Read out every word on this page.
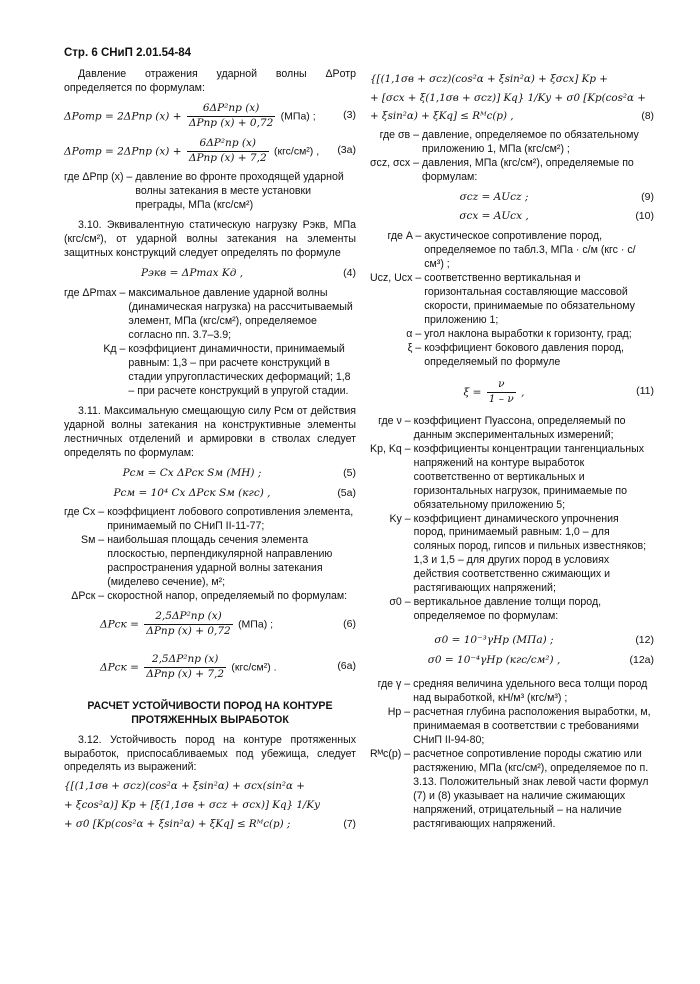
Стр. 6 СНиП 2.01.54-84

Давление отражения ударной волны ΔPотр определяется по формулам:

ΔPотр = 2ΔPпр $(x) + \frac{\text{6ΔP²пр (x)}}{\text{ΔPпр (x) + 0,72}} (МПа)$ ;	(3)
ΔPотр = 2ΔPпр $(x) + \frac{\text{6ΔP²пр (x)}}{\text{ΔPпр (x) + 7,2}} (кгс/см^2)$ ,	(3а)
где ΔPпр (x) – давление во фронте проходящей ударной волны затекания в месте установки преграды, МПа (кгс/см²)

3.10. Эквивалентную статическую нагрузку Pэкв, МПа (кгс/см²), от ударной волны затекания на элементы защитных конструкций следует определять по формуле

Pэкв = ΔPmax Kд ,	(4)
где ΔPmax – максимальное давление ударной волны (динамическая нагрузка) на рассчитываемый элемент, МПа (кгс/см²), определяемое согласно пп. 3.7–3.9;
Kд – коэффициент динамичности, принимаемый равным: 1,3 – при расчете конструкций в стадии упругопластических деформаций; 1,8 – при расчете конструкций в упругой стадии.

3.11. Максимальную смещающую силу Pсм от действия ударной волны затекания на конструктивные элементы лестничных отделений и армировки в стволах следует определять по формулам:

Pсм = Cx ΔPск Sм (МН) ;	(5)
Pсм = 10⁴ Cx ΔPск Sм (кгс) ,	(5а)
где Cx – коэффициент лобового сопротивления элемента, принимаемый по СНиП II-11-77;
Sм – наибольшая площадь сечения элемента плоскостью, перпендикулярной направлению распространения ударной волны затекания (миделево сечение), м²;
ΔPск – скоростной напор, определяемый по формулам:
$\Delta Pск = \frac{\text{2,5ΔP²пр (x)}}{\text{ΔPпр (x) + 0,72}} (МПа)$ ;	(6)
$\Delta Pск = \frac{\text{2,5ΔP²пр (x)}}{\text{ΔPпр (x) + 7,2}} (кгс/см^2)$ .	(6а)
РАСЧЕТ УСТОЙЧИВОСТИ ПОРОД НА КОНТУРЕ ПРОТЯЖЕННЫХ ВЫРАБОТОК

3.12. Устойчивость пород на контуре протяженных выработок, приспосабливаемых под убежища, следует определять из выражений:

{[(1,1σв + σcz)(cos²α + ξsin²α) + σcx(sin²α +
+ ξcos²α)] Kp + [ξ(1,1σв + σcz + σcx)] Kq} 1/Kу
+ σ0 [Kp(cos²α + ξsin²α) + ξKq] ≤ Rᴹс(р) ;	(7)
{[(1,1σв + σcz)(cos²α + ξsin²α) + ξσcx] Kp +
+ [σcx + ξ(1,1σв + σcz)] Kq} 1/Kу + σ0 [Kp(cos²α +
+ ξsin²α) + ξKq] ≤ Rᴹс(р) ,	(8)
где σв – давление, определяемое по обязательному приложению 1, МПа (кгс/см²) ;
σcz, σcx – давления, МПа (кгс/см²), определяемые по формулам:
σcz = AUcz ;	(9)
σcx = AUcx ,	(10)
где A – акустическое сопротивление пород, определяемое по табл.3, МПа · с/м (кгс · с/см³) ;
Ucz, Ucx – соответственно вертикальная и горизонтальная составляющие массовой скорости, принимаемые по обязательному приложению 1;
α – угол наклона выработки к горизонту, град;
ξ – коэффициент бокового давления пород, определяемый по формуле
$\xi = \frac{\nu}{1 - \nu}$ ,	(11)
где ν – коэффициент Пуассона, определяемый по данным экспериментальных измерений;
Kp, Kq – коэффициенты концентрации тангенциальных напряжений на контуре выработок соответственно от вертикальных и горизонтальных нагрузок, принимаемые по обязательному приложению 5;
Kу – коэффициент динамического упрочнения пород, принимаемый равным: 1,0 – для соляных пород, гипсов и пильных известняков; 1,3 и 1,5 – для других пород в условиях действия соответственно сжимающих и растягивающих напряжений;
σ0 – вертикальное давление толщи пород, определяемое по формулам:
σ0 = 10⁻³γHр (МПа) ;	(12)
σ0 = 10⁻⁴γHр (кгс/см²) ,	(12а)
где γ – средняя величина удельного веса толщи пород над выработкой, кН/м³ (кгс/м³) ;
Hр – расчетная глубина расположения выработки, м, принимаемая в соответствии с требованиями СНиП II-94-80;
Rᴹс(р) – расчетное сопротивление породы сжатию или растяжению, МПа (кгс/см²), определяемое по п. 3.13. Положительный знак левой части формул (7) и (8) указывает на наличие сжимающих напряжений, отрицательный – на наличие растягивающих напряжений.
